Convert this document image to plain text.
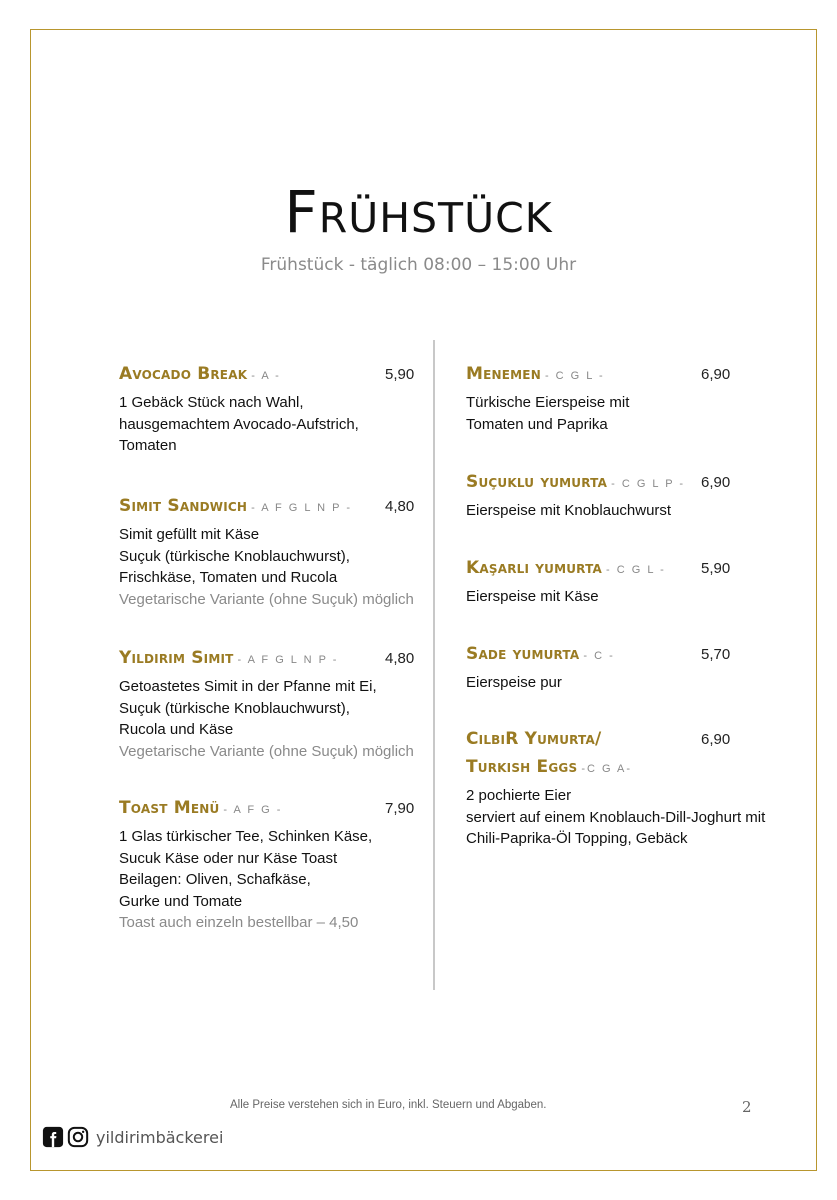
Frühstück
Frühstück - täglich 08:00 – 15:00 Uhr
Avocado Break - A -	5,90
1 Gebäck Stück nach Wahl,
hausgemachtem Avocado-Aufstrich,
Tomaten
Simit Sandwich - A F G L N P - 4,80
Simit gefüllt mit Käse
Suçuk (türkische Knoblauchwurst),
Frischkäse, Tomaten und Rucola
Vegetarische Variante (ohne Suçuk) möglich
Yildirim Simit - A F G L N P -	4,80
Getoastetes Simit in der Pfanne mit Ei,
Suçuk (türkische Knoblauchwurst),
Rucola und Käse
Vegetarische Variante (ohne Suçuk) möglich
Toast Menü - A F G -	7,90
1 Glas türkischer Tee, Schinken Käse,
Sucuk Käse oder nur Käse Toast
Beilagen: Oliven, Schafkäse,
Gurke und Tomate
Toast auch einzeln bestellbar – 4,50
Menemen - C G L -	6,90
Türkische Eierspeise mit
Tomaten und Paprika
Suçuklu yumurta - C G L P - 6,90
Eierspeise mit Knoblauchwurst
Kaşarli yumurta - C G L - 5,90
Eierspeise mit Käse
Sade yumurta - C -	5,70
Eierspeise pur
CilbiR Yumurta/	6,90
Turkish Eggs -C G A-
2 pochierte Eier
serviert auf einem Knoblauch-Dill-Joghurt mit
Chili-Paprika-Öl Topping, Gebäck
Alle Preise verstehen sich in Euro, inkl. Steuern und Abgaben.	2
yildirimbäckerei
